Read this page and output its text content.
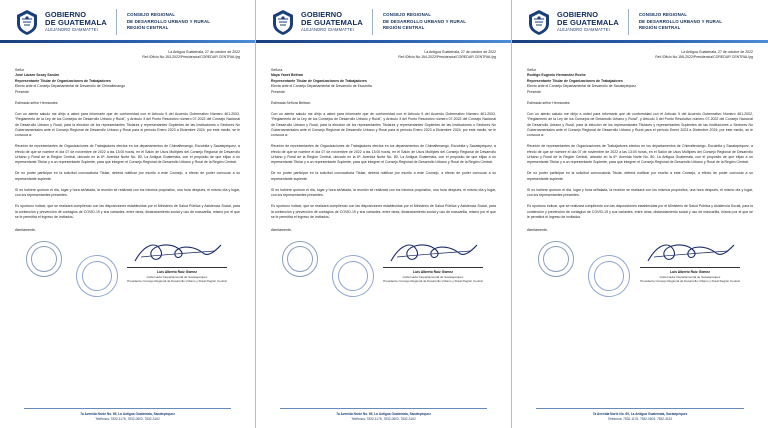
GOBIERNO
DE GUATEMALA
ALEJANDRO GIAMMATTEI
CONSEJO REGIONAL
DE DESARROLLO URBANO Y RURAL
REGIÓN CENTRAL
La Antigua Guatemala, 27 de octubre de 2022
Ref./Oficio No.153-2022/Presidencia/COREDUR CENTRAL/jrg
Señor
José Lázaro Secay Sanüm
Representante Titular de Organizaciones de Trabajadores
Electo ante el Consejo Departamental de Desarrollo de Chimaltenango
Presente
Estimado señor Hernández:

Con un atento saludo me dirijo a usted para informarle que de conformidad con el Artículo 9 del Acuerdo Gubernativo Número 461-2002, "Reglamento de la Ley de los Consejos de Desarrollo Urbano y Rural", y Artículo 3 del Punto Resolutivo número 07-2022 del Consejo Nacional de Desarrollo Urbano y Rural, para la elección de los representantes Titulares y representantes Suplentes de las Instituciones o Sectores No Gubernamentales ante el Consejo Regional de Desarrollo Urbano y Rural para el período Enero 2023 a Diciembre 2024; por este medio, se le convoca a:

Reunión de representantes de Organizaciones de Trabajadores electos en los departamentos de Chimaltenango, Escuintla y Sacatepéquez, a efecto de que se nombre el día 07 de noviembre de 2022 a las 13:00 horas, en el Salón de Usos Múltiples del Consejo Regional de Desarrollo Urbano y Rural de la Región Central, ubicado en la 6ª. Avenida Norte No. 80, La Antigua Guatemala, con el propósito de que elijan a un representante Titular y a un representante Suplente, para que integren el Consejo Regional de Desarrollo Urbano y Rural de la Región Central.

De no poder participar en la solicitud convocatoria Titular, deberá notificar por escrito a este Consejo, a efecto de poder convocar a su representante suplente.

Si no hubiere quórum el día, lugar y hora señalada, la reunión se realizará con los mismos propósitos, una hora después, el mismo día y lugar, con los representantes presentes.

Es oportuno indicar, que se realizará cumpliendo con las disposiciones establecidas por el Ministerio de Salud Pública y Asistencia Social, para la contención y prevención de contagios de COVID-19 y sus variantes, entre otras, distanciamiento social y uso de mascarilla, mismo por el que se le permitirá el ingreso de invitados.

Atentamente,
Luis Alberto Ruiz Gómez
Gobernador Departamental de Sacatepéquez
Presidente Consejo Regional de Desarrollo Urbano y Rural Región Central
7a Avenida Norte No. 69, La Antigua Guatemala, Sacatepéquez
Teléfonos: 7832-1176, 7832-0603, 7832-3162
GOBIERNO
DE GUATEMALA
ALEJANDRO GIAMMATTEI
CONSEJO REGIONAL
DE DESARROLLO URBANO Y RURAL
REGIÓN CENTRAL
La Antigua Guatemala, 27 de octubre de 2022
Ref./Oficio No.154-2022/Presidencia/COREDUR CENTRAL/jrg
Señora
Maya Yanet Beltran
Representante Titular de Organizaciones de Trabajadores
Electa ante el Consejo Departamental de Desarrollo de Escuintla
Presente
Estimada Señora Beltran:

Con un atento saludo me dirijo a usted para informarle que de conformidad con el Artículo 9 del Acuerdo Gubernativo Número 461-2002, "Reglamento de la Ley de los Consejos de Desarrollo Urbano y Rural", y Artículo 3 del Punto Resolutivo número 07-2022 del Consejo Nacional de Desarrollo Urbano y Rural, para la elección de los representantes Titulares y representantes Suplentes de las Instituciones o Sectores No Gubernamentales ante el Consejo Regional de Desarrollo Urbano y Rural para el período Enero 2023 a Diciembre 2024; por este medio, se le convoca a:

Reunión de representantes de Organizaciones de Trabajadores electos en los departamentos de Chimaltenango, Escuintla y Sacatepéquez, a efecto de que se nombre el día 07 de noviembre de 2022 a las 13:00 horas, en el Salón de Usos Múltiples del Consejo Regional de Desarrollo Urbano y Rural de la Región Central, ubicado en la 6ª. Avenida Norte No. 80, La Antigua Guatemala, con el propósito de que elijan a un representante Titular y a un representante Suplente, para que integren el Consejo Regional de Desarrollo Urbano y Rural de la Región Central.

De no poder participar en la solicitud convocatoria Titular, deberá notificar por escrito a este Consejo, a efecto de poder convocar a su representante suplente.

Si no hubiere quórum el día, lugar y hora señalada, la reunión se realizará con los mismos propósitos, una hora después, el mismo día y lugar, con los representantes presentes.

Es oportuno indicar, que se realizará cumpliendo con las disposiciones establecidas por el Ministerio de Salud Pública y Asistencia Social, para la contención y prevención de contagios de COVID-19 y sus variantes, entre otras, distanciamiento social y uso de mascarilla, mismo por el que se le permitirá el ingreso de invitados.

Atentamente,
Luis Alberto Ruiz Gómez
Gobernador Departamental de Sacatepéquez
Presidente Consejo Regional de Desarrollo Urbano y Rural Región Central
7a Avenida Norte No. 69, La Antigua Guatemala, Sacatepéquez
Teléfonos: 7832-1176, 7832-0603, 7832-3162
GOBIERNO
DE GUATEMALA
ALEJANDRO GIAMMATTEI
CONSEJO REGIONAL
DE DESARROLLO URBANO Y RURAL
REGIÓN CENTRAL
La Antigua Guatemala, 27 de octubre de 2022
Ref./Oficio No.155-2022/Presidencia/COREDUR CENTRAL/jrg
Señor
Rodrigo Eugenio Hernandez Roche
Representante Titular de Organizaciones de Trabajadores
Electo ante el Consejo Departamental de Desarrollo de Sacatepéquez
Presente
Estimado señor Hernández:

Con un atento saludo me dirijo a usted para informarle que de conformidad con el Artículo 9 del Acuerdo Gubernativo Número 461-2002, "Reglamento de la Ley de los Consejos de Desarrollo Urbano y Rural", y Artículo 3 del Punto Resolutivo número 07-2022 del Consejo Nacional de Desarrollo Urbano y Rural, para la elección de los representantes Titulares y representantes Suplentes de las Instituciones o Sectores No Gubernamentales ante el Consejo Regional de Desarrollo Urbano y Rural para el período Enero 2023 a Diciembre 2024; por este medio, se le convoca a:

Reunión de representantes de Organizaciones de Trabajadores electos en los departamentos de Chimaltenango, Escuintla y Sacatepéquez, a efecto de que se nombre el día 07 de noviembre de 2022 a las 13:00 horas, en el Salón de Usos Múltiples del Consejo Regional de Desarrollo Urbano y Rural de la Región Central, ubicado en la 6ª. Avenida Norte No. 80, La Antigua Guatemala, con el propósito de que elijan a un representante Titular y a un representante Suplente, para que integren el Consejo Regional de Desarrollo Urbano y Rural de la Región Central.

De no poder participar en la solicitud convocatoria Titular, deberá notificar por escrito a este Consejo, a efecto de poder convocar a su representante suplente.

Si no hubiere quórum el día, lugar y hora señalada, la reunión se realizará con los mismos propósitos, una hora después, el mismo día y lugar, con los representantes presentes.

Es oportuno indicar, que se realizará cumpliendo con las disposiciones establecidas por el Ministerio de Salud Pública y Asistencia Social, para la contención y prevención de contagios de COVID-19 y sus variantes, entre otras, distanciamiento social y uso de mascarilla, mismo por el que se le permitirá el ingreso de invitados.

Atentamente,
Luis Alberto Ruiz Gómez
Gobernador Departamental de Sacatepéquez
Presidente Consejo Regional de Desarrollo Urbano y Rural Región Central
7a Avenida Norte No. 69, La Antigua Guatemala, Sacatepéquez
Teléfonos: 7832-1176, 7832-0603, 7832-3162
